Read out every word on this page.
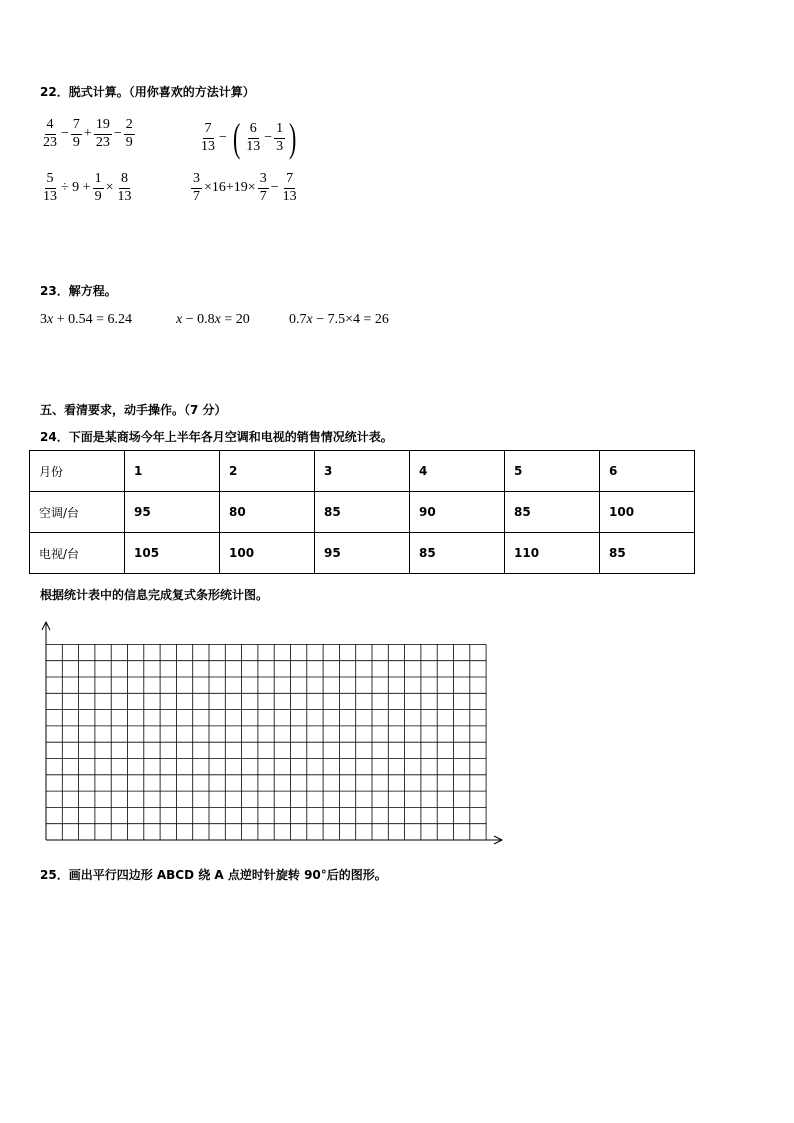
22．脱式计算。（用你喜欢的方法计算）
$\frac{4}{23} - \frac{7}{9} + \frac{19}{23} - \frac{2}{9}$	$\frac{7}{13}$ − ( $\frac{6}{13} - \frac{1}{3}$ )
$\frac{5}{13} \div 9 + \frac{1}{9} \times \frac{8}{13}$	$\frac{3}{7} \times 16+19\times \frac{3}{7} - \frac{7}{13}$
23．解方程。
3x + 0.54 = 6.24	x − 0.8x = 20	0.7x − 7.5×4 = 26
五、看清要求，动手操作。（7 分）
24．下面是某商场今年上半年各月空调和电视的销售情况统计表。
月份	1	2	3	4	5	6
空调/台	95	80	85	90	85	100
电视/台	105	100	95	85	110	85
根据统计表中的信息完成复式条形统计图。
25．画出平行四边形 ABCD 绕 A 点逆时针旋转 90°后的图形。
